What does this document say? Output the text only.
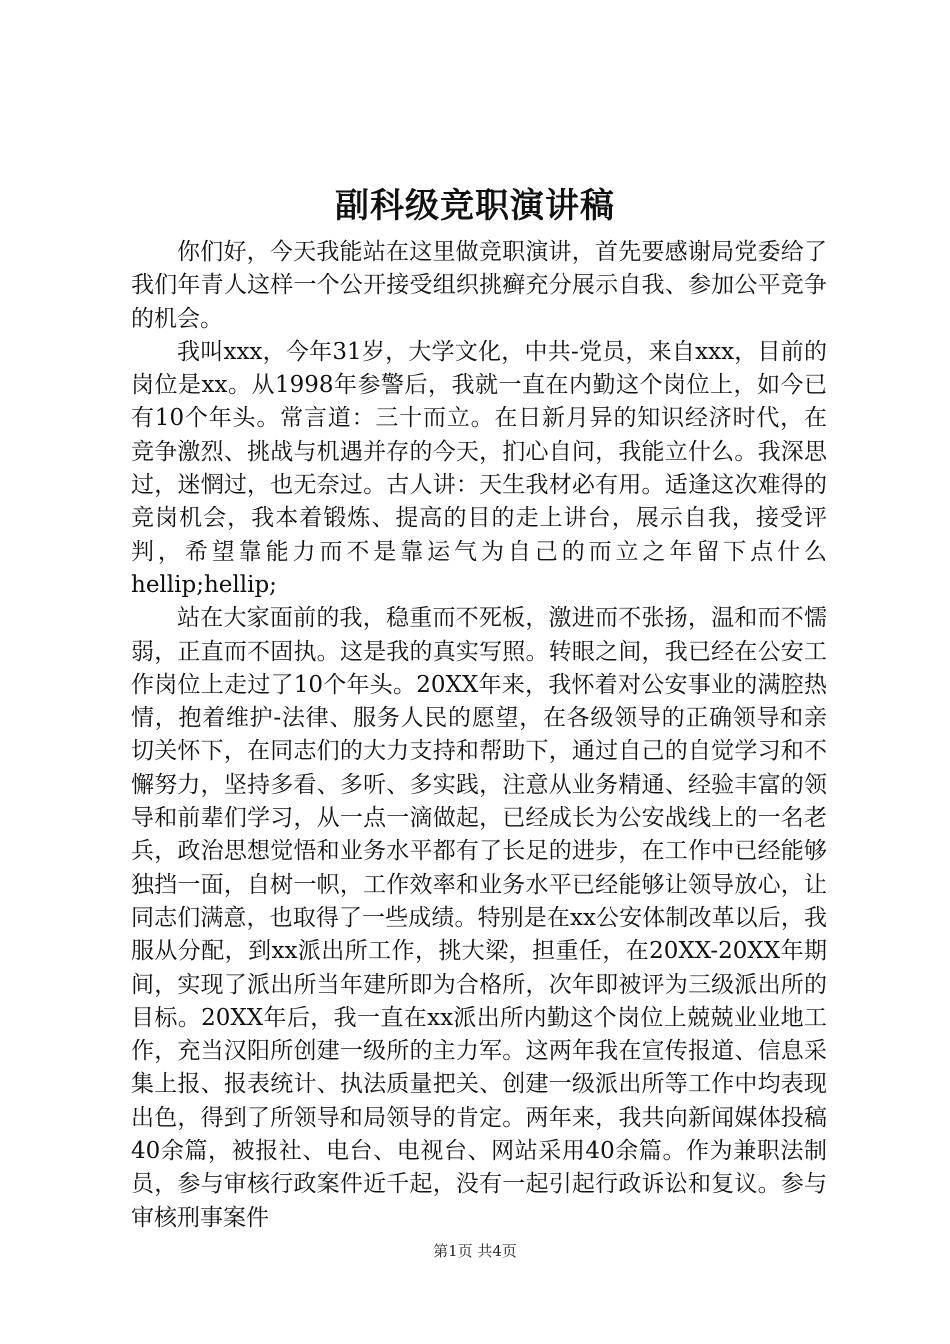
副科级竞职演讲稿

你们好，今天我能站在这里做竞职演讲，首先要感谢局党委给了我们年青人这样一个公开接受组织挑癣充分展示自我、参加公平竞争的机会。

我叫xxx，今年31岁，大学文化，中共-党员，来自xxx，目前的岗位是xx。从1998年参警后，我就一直在内勤这个岗位上，如今已有10个年头。常言道：三十而立。在日新月异的知识经济时代，在竞争激烈、挑战与机遇并存的今天，扪心自问，我能立什么。我深思过，迷惘过，也无奈过。古人讲：天生我材必有用。适逢这次难得的竞岗机会，我本着锻炼、提高的目的走上讲台，展示自我，接受评判，希望靠能力而不是靠运气为自己的而立之年留下点什么hellip;hellip;

站在大家面前的我，稳重而不死板，激进而不张扬，温和而不懦弱，正直而不固执。这是我的真实写照。转眼之间，我已经在公安工作岗位上走过了10个年头。20XX年来，我怀着对公安事业的满腔热情，抱着维护-法律、服务人民的愿望，在各级领导的正确领导和亲切关怀下，在同志们的大力支持和帮助下，通过自己的自觉学习和不懈努力，坚持多看、多听、多实践，注意从业务精通、经验丰富的领导和前辈们学习，从一点一滴做起，已经成长为公安战线上的一名老兵，政治思想觉悟和业务水平都有了长足的进步，在工作中已经能够独挡一面，自树一帜，工作效率和业务水平已经能够让领导放心，让同志们满意，也取得了一些成绩。特别是在xx公安体制改革以后，我服从分配，到xx派出所工作，挑大梁，担重任，在20XX-20XX年期间，实现了派出所当年建所即为合格所，次年即被评为三级派出所的目标。20XX年后，我一直在xx派出所内勤这个岗位上兢兢业业地工作，充当汉阳所创建一级所的主力军。这两年我在宣传报道、信息采集上报、报表统计、执法质量把关、创建一级派出所等工作中均表现出色，得到了所领导和局领导的肯定。两年来，我共向新闻媒体投稿40余篇，被报社、电台、电视台、网站采用40余篇。作为兼职法制员，参与审核行政案件近千起，没有一起引起行政诉讼和复议。参与审核刑事案件

第1页 共4页
